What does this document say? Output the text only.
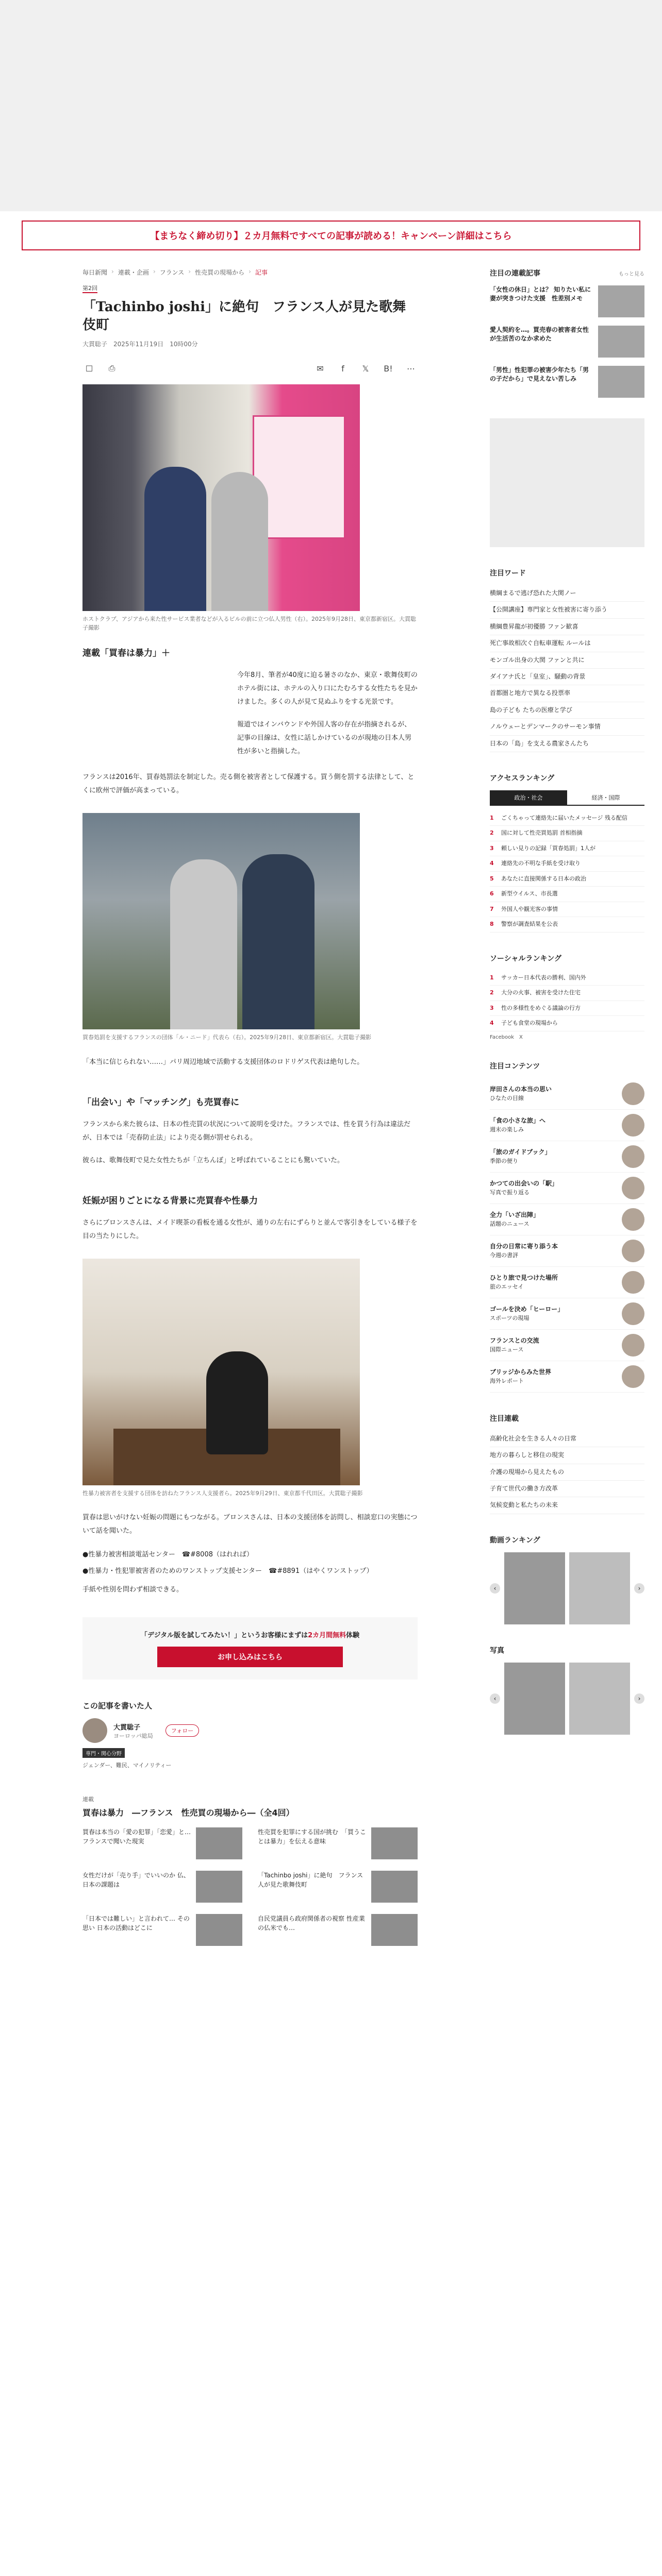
【まちなく締め切り】２カ月無料ですべての記事が読める！キャンペーン詳細はこちら
毎日新聞 › 連載・企画 › フランス › 性売買の現場から › 記事
第2回
「Tachinbo joshi」に絶句　フランス人が見た歌舞伎町
大貫聡子　2025年11月19日　10時00分
☐	⎙	✉	f	𝕏	B!	⋯

ホストクラブ、アジアから来た性サービス業者などが入るビルの前に立つ仏人男性（右）。2025年9月28日、東京都新宿区。大貫聡子撮影

連載「買春は暴力」＋

今年8月、筆者が40度に迫る暑さのなか、東京・歌舞伎町のホテル街には、ホテルの入り口にたむろする女性たちを見かけました。多くの人が見て見ぬふりをする光景です。

報道ではインバウンドや外国人客の存在が指摘されるが、記事の目線は、女性に話しかけているのが現地の日本人男性が多いと指摘した。

フランスは2016年、買春処罰法を制定した。売る側を被害者として保護する。買う側を罰する法律として、とくに欧州で評価が高まっている。

買春処罰を支援するフランスの団体「ル・ニード」代表ら（右）。2025年9月28日、東京都新宿区。大貫聡子撮影

「本当に信じられない……」パリ周辺地域で活動する支援団体のロドリゲス代表は絶句した。

「出会い」や「マッチング」も売買春に

フランスから来た彼らは、日本の性売買の状況について説明を受けた。フランスでは、性を買う行為は違法だが、日本では「売春防止法」により売る側が罰せられる。

彼らは、歌舞伎町で見た女性たちが「立ちんぼ」と呼ばれていることにも驚いていた。

妊娠が困りごとになる背景に売買春や性暴力

さらにブロンスさんは、メイド喫茶の看板を通る女性が、通りの左右にずらりと並んで客引きをしている様子を目の当たりにした。

性暴力被害者を支援する団体を訪ねたフランス人支援者ら。2025年9月29日、東京都千代田区。大貫聡子撮影

買春は思いがけない妊娠の問題にもつながる。ブロンスさんは、日本の支援団体を訪問し、相談窓口の実態について話を聞いた。

●性暴力被害相談電話センター　☎︎#8008（はれれば）

●性暴力・性犯罪被害者のためのワンストップ支援センター　☎︎#8891（はやくワンストップ）

手紙や性別を問わず相談できる。

「デジタル版を試してみたい！」というお客様にまずは2カ月間無料体験
お申し込みはこちら
この記事を書いた人
大貫聡子
ヨーロッパ総局
フォロー
専門・関心分野
ジェンダー、難民、マイノリティー
連載
買春は暴力　―フランス　性売買の現場から―（全4回）
買春は本当の「愛の犯罪」「恋愛」と… フランスで聞いた現実
性売買を犯罪にする国が挑む　「買うことは暴力」を伝える意味
女性だけが「売り手」でいいのか 仏、日本の課題は
「Tachinbo joshi」に絶句　フランス人が見た歌舞伎町
「日本では難しい」と言われて… その思い 日本の活動はどこに
自民党議員ら政府関係者の視察 性産業の仏米でも…
注目の連載記事	もっと見る
「女性の休日」とは？ 知りたい私に妻が突きつけた支援　性差別メモ
愛人契約を…。買売春の被害者女性が生活苦のなか求めた
「男性」性犯罪の被害少年たち「男の子だから」で見えない苦しみ
注目ワード
横綱まるで逃げ恐れた大関ノー
【公開講座】専門家と女性被害に寄り添う
横綱豊昇龍が初優勝 ファン歓喜
死亡事故相次ぐ自転車運転 ルールは
モンゴル出身の大関 ファンと共に
ダイアナ氏と「皇室」、騒動の背景
首都圏と地方で異なる投票率
島の子ども たちの医療と学び
ノルウェーとデンマークのサーモン事情
日本の「島」を支える農家さんたち
アクセスランキング
政治・社会	経済・国際
1	ごくちゃって連絡先に届いたメッセージ 残る配信
2	国に対して性売買処罰 首相指摘
3	頼しい見りの記録「買春処罰」1人が
4	連絡先の不明な手紙を受け取り
5	あなたに直接関係する日本の政治
6	新型ウイルス、市長選
7	外国人や観光客の事情
8	警察が調査結果を公表
ソーシャルランキング
1	サッカー日本代表の勝利、国内外
2	大分の火事、被害を受けた住宅
3	性の多様性をめぐる議論の行方
4	子ども食堂の現場から
Facebook X
注目コンテンツ
岸田さんの本当の思い
ひなたの目線
「食の小さな旅」へ
週末の楽しみ
「旅のガイドブック」
季節の便り
かつての出会いの「駅」
写真で振り返る
全力「いざ出陣」
話題のニュース
自分の日常に寄り添う本
今週の書評
ひとり旅で見つけた場所
旅のエッセイ
ゴールを決め「ヒーロー」
スポーツの現場
フランスとの交流
国際ニュース
ブリッジからみた世界
海外レポート
注目連載
高齢化社会を生きる人々の日常
地方の暮らしと移住の現実
介護の現場から見えたもの
子育て世代の働き方改革
気候変動と私たちの未来
動画ランキング
‹	›
写真
‹	›
